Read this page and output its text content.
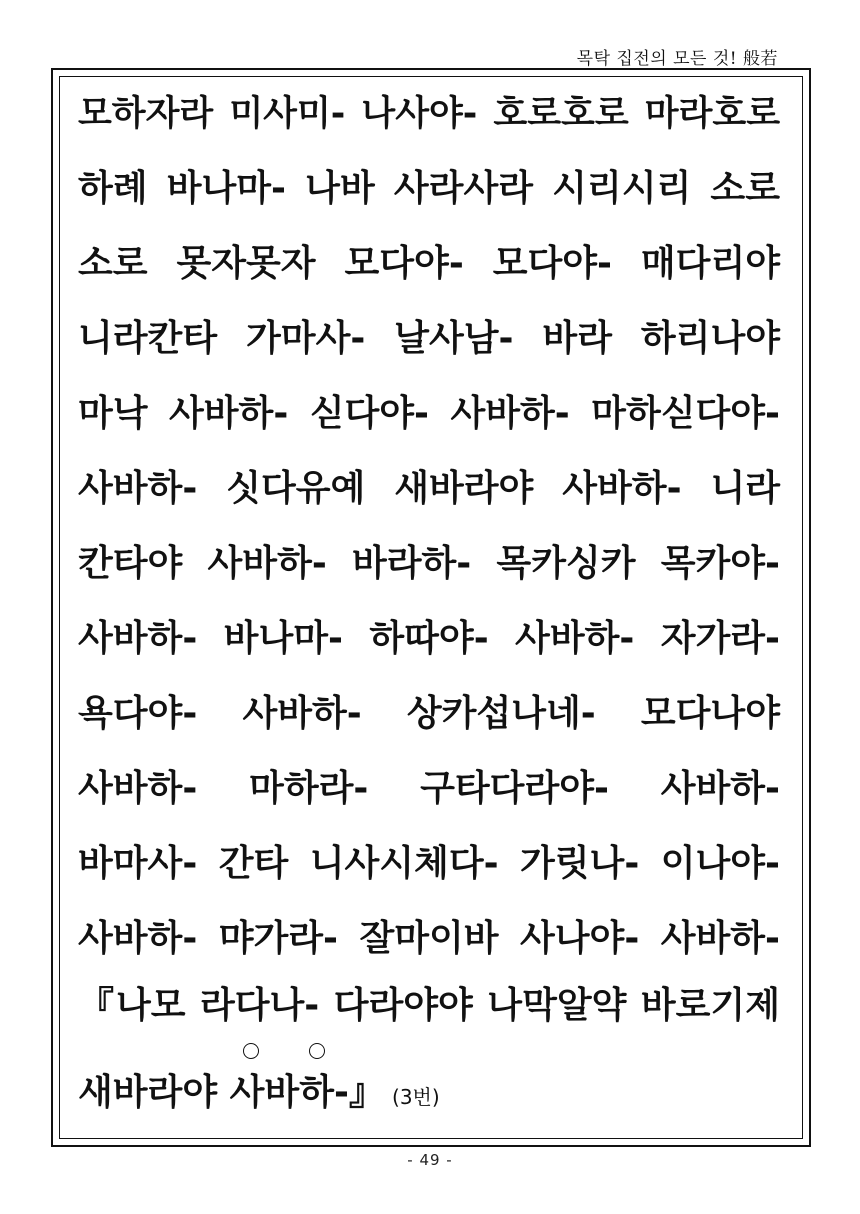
목탁 집전의 모든 것! 般若
모하자라 미사미- 나사야- 호로호로 마라호로
하례 바나마- 나바 사라사라 시리시리 소로
소로 못자못자 모다야- 모다야- 매다리야
니라칸타 가마사- 날사남- 바라 하리나야
마낙 사바하- 싣다야- 사바하- 마하싣다야-
사바하- 싯다유예 새바라야 사바하- 니라
칸타야 사바하- 바라하- 목카싱카 목카야-
사바하- 바나마- 하따야- 사바하- 자가라-
욕다야- 사바하- 상카섭나네- 모다나야
사바하- 마하라- 구타다라야- 사바하-
바마사- 간타 니사시체다- 가릿나- 이나야-
사바하- 먀가라- 잘마이바 사나야- 사바하-
『나모 라다나- 다라야야 나막알약 바로기제
새바라야 사바하-』 (3번)
- 49 -
